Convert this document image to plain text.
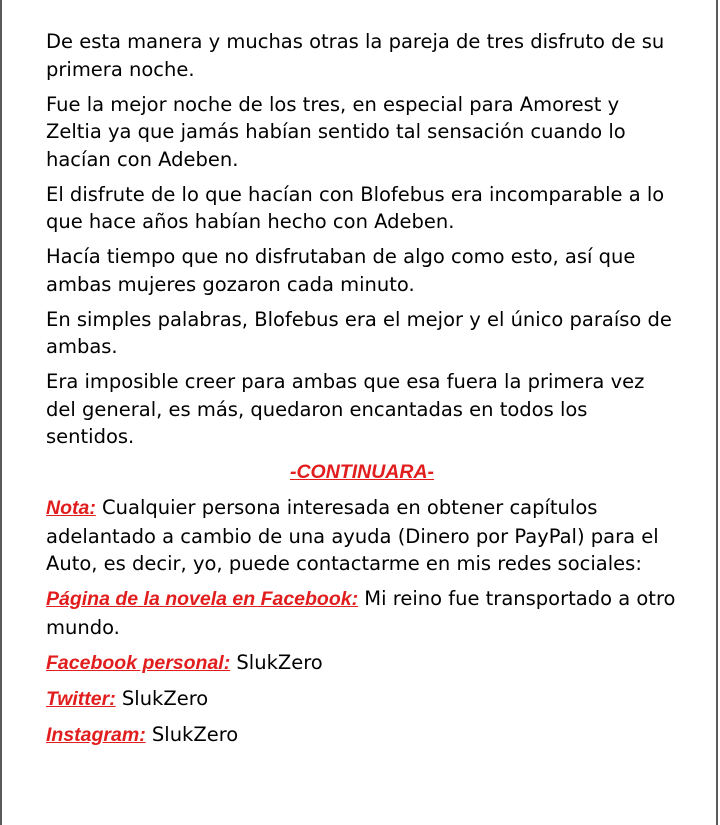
De esta manera y muchas otras la pareja de tres disfruto de su primera noche.

Fue la mejor noche de los tres, en especial para Amorest y Zeltia ya que jamás habían sentido tal sensación cuando lo hacían con Adeben.

El disfrute de lo que hacían con Blofebus era incomparable a lo que hace años habían hecho con Adeben.

Hacía tiempo que no disfrutaban de algo como esto, así que ambas mujeres gozaron cada minuto.

En simples palabras, Blofebus era el mejor y el único paraíso de ambas.

Era imposible creer para ambas que esa fuera la primera vez del general, es más, quedaron encantadas en todos los sentidos.

-CONTINUARA-

Nota: Cualquier persona interesada en obtener capítulos adelantado a cambio de una ayuda (Dinero por PayPal) para el Auto, es decir, yo, puede contactarme en mis redes sociales:

Página de la novela en Facebook: Mi reino fue transportado a otro mundo.

Facebook personal: SlukZero

Twitter: SlukZero

Instagram: SlukZero
